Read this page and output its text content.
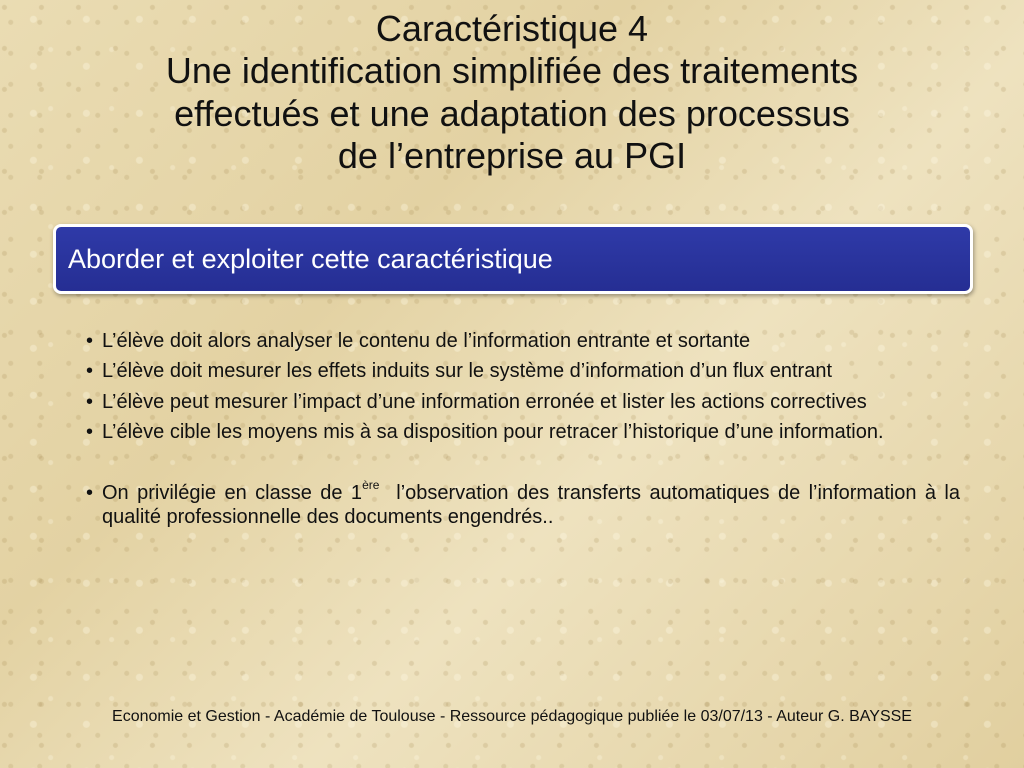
Caractéristique 4
Une identification simplifiée des traitements
effectués et une adaptation des processus
de l’entreprise au PGI
Aborder et exploiter cette caractéristique
• L’élève doit alors analyser le contenu de l’information entrante et sortante
• L’élève doit mesurer les effets induits sur le système d’information d’un flux entrant
• L’élève peut mesurer l’impact d’une information erronée et lister les actions correctives
• L’élève cible les moyens mis à sa disposition pour retracer l’historique d’une information.
• On privilégie en classe de 1ère  l’observation des transferts automatiques de l’information à la qualité professionnelle des documents engendrés..
Economie et Gestion - Académie de Toulouse - Ressource pédagogique publiée le 03/07/13 - Auteur G. BAYSSE
